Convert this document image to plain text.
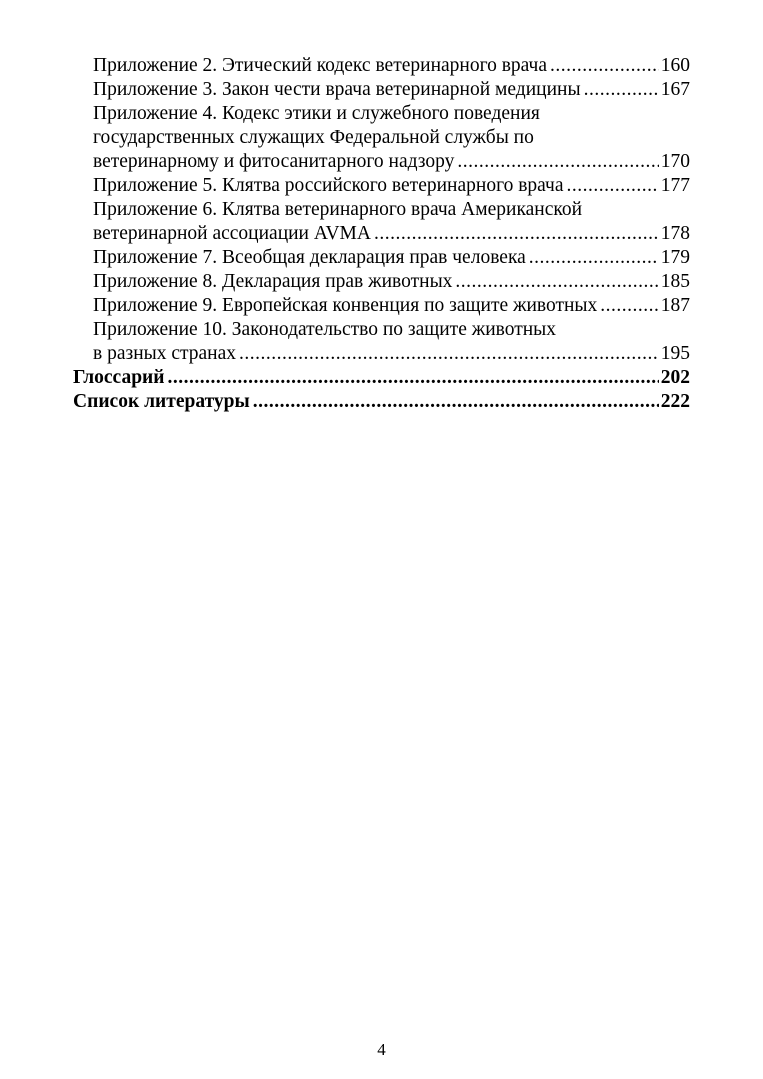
Приложение 2. Этический кодекс ветеринарного врача .....	160
Приложение 3. Закон чести врача ветеринарной медицины .....	167
Приложение 4. Кодекс этики и служебного поведения
государственных служащих Федеральной службы по
ветеринарному и фитосанитарного надзору .....	170
Приложение 5. Клятва российского ветеринарного врача .....	177
Приложение 6. Клятва ветеринарного врача Американской
ветеринарной ассоциации AVMA .....	178
Приложение 7. Всеобщая декларация прав человека .....	179
Приложение 8. Декларация прав животных .....	185
Приложение 9. Европейская конвенция по защите животных .....	187
Приложение 10. Законодательство по защите животных
в разных странах .....	195
Глоссарий .....	202
Список литературы .....	222
4
